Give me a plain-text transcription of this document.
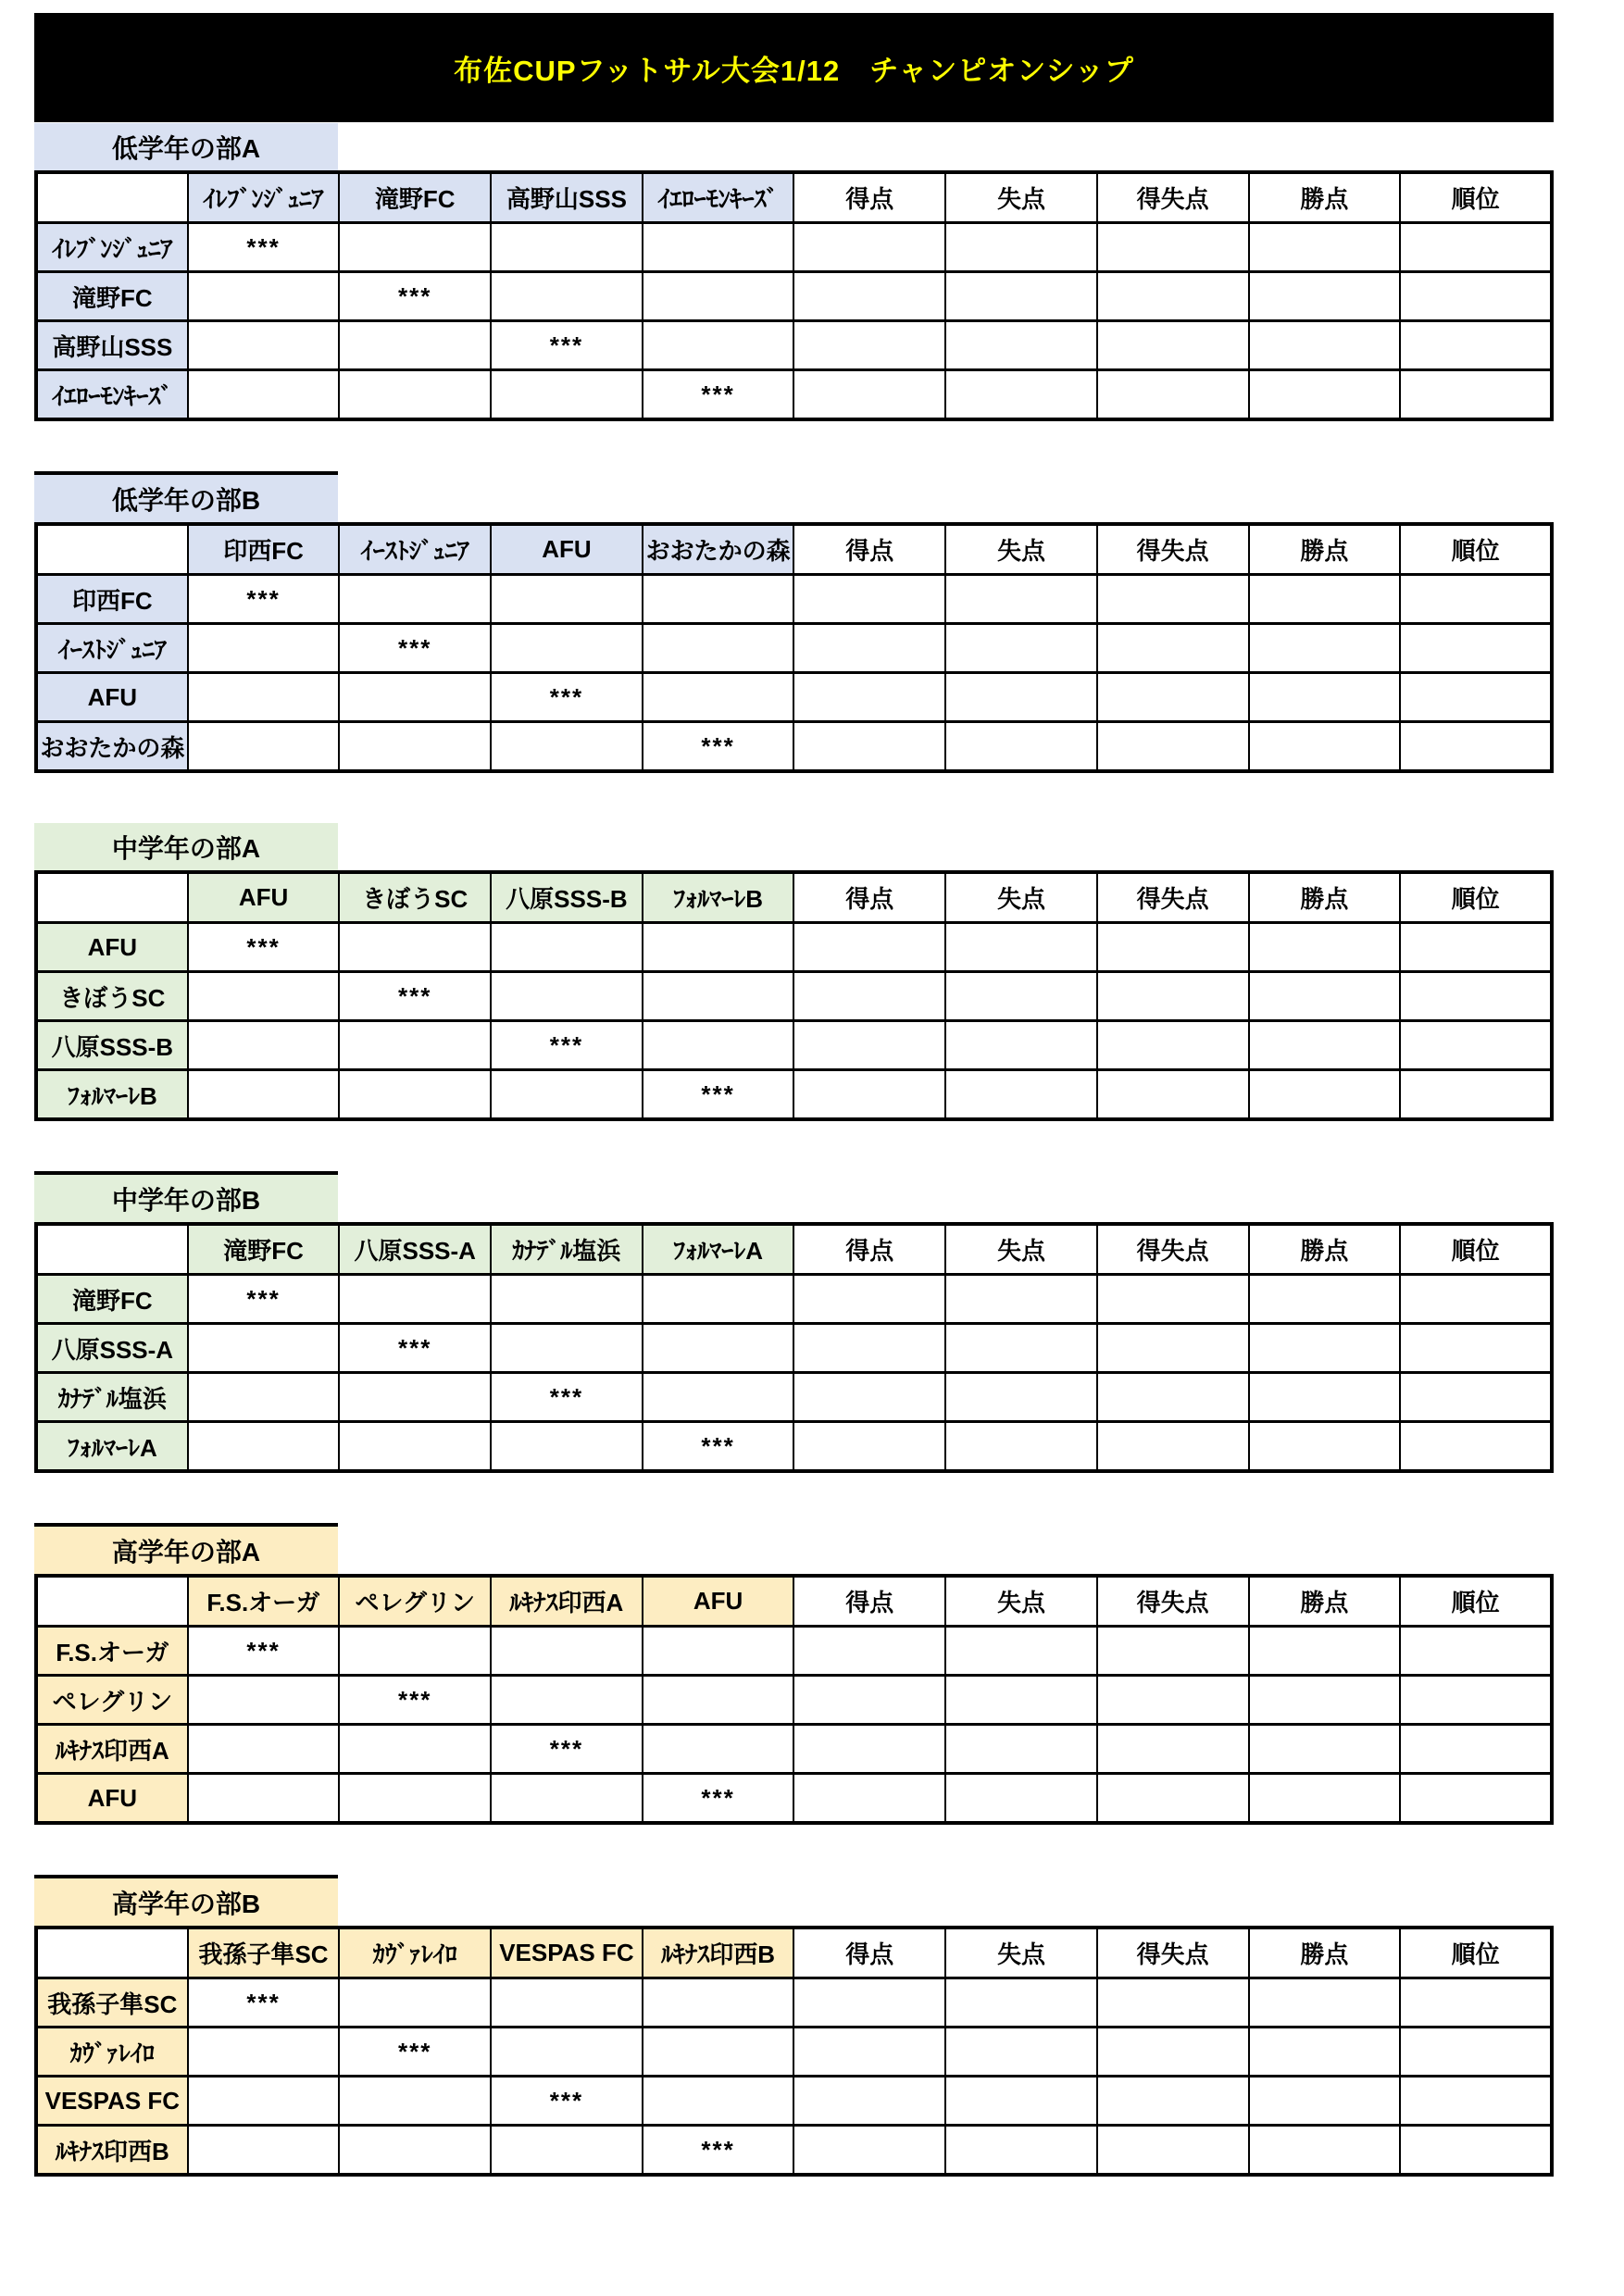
布佐CUPフットサル大会1/12　チャンピオンシップ
低学年の部A
	ｲﾚﾌﾞﾝｼﾞｭﾆｱ	滝野FC	高野山SSS	ｲｴﾛｰﾓﾝｷｰｽﾞ	得点	失点	得失点	勝点	順位
ｲﾚﾌﾞﾝｼﾞｭﾆｱ	***								
滝野FC		***							
高野山SSS			***						
ｲｴﾛｰﾓﾝｷｰｽﾞ				***					
低学年の部B
	印西FC	ｲｰｽﾄｼﾞｭﾆｱ	AFU	おおたかの森	得点	失点	得失点	勝点	順位
印西FC	***								
ｲｰｽﾄｼﾞｭﾆｱ		***							
AFU			***						
おおたかの森				***					
中学年の部A
	AFU	きぼうSC	八原SSS-B	ﾌｫﾙﾏｰﾚB	得点	失点	得失点	勝点	順位
AFU	***								
きぼうSC		***							
八原SSS-B			***						
ﾌｫﾙﾏｰﾚB				***					
中学年の部B
	滝野FC	八原SSS-A	ｶﾅﾃﾞﾙ塩浜	ﾌｫﾙﾏｰﾚA	得点	失点	得失点	勝点	順位
滝野FC	***								
八原SSS-A		***							
ｶﾅﾃﾞﾙ塩浜			***						
ﾌｫﾙﾏｰﾚA				***					
高学年の部A
	F.S.オーガ	ペレグリン	ﾙｷﾅｽ印西A	AFU	得点	失点	得失点	勝点	順位
F.S.オーガ	***								
ペレグリン		***							
ﾙｷﾅｽ印西A			***						
AFU				***					
高学年の部B
	我孫子隼SC	ｶｳﾞｧﾚｲﾛ	VESPAS FC	ﾙｷﾅｽ印西B	得点	失点	得失点	勝点	順位
我孫子隼SC	***								
ｶｳﾞｧﾚｲﾛ		***							
VESPAS FC			***						
ﾙｷﾅｽ印西B				***					
